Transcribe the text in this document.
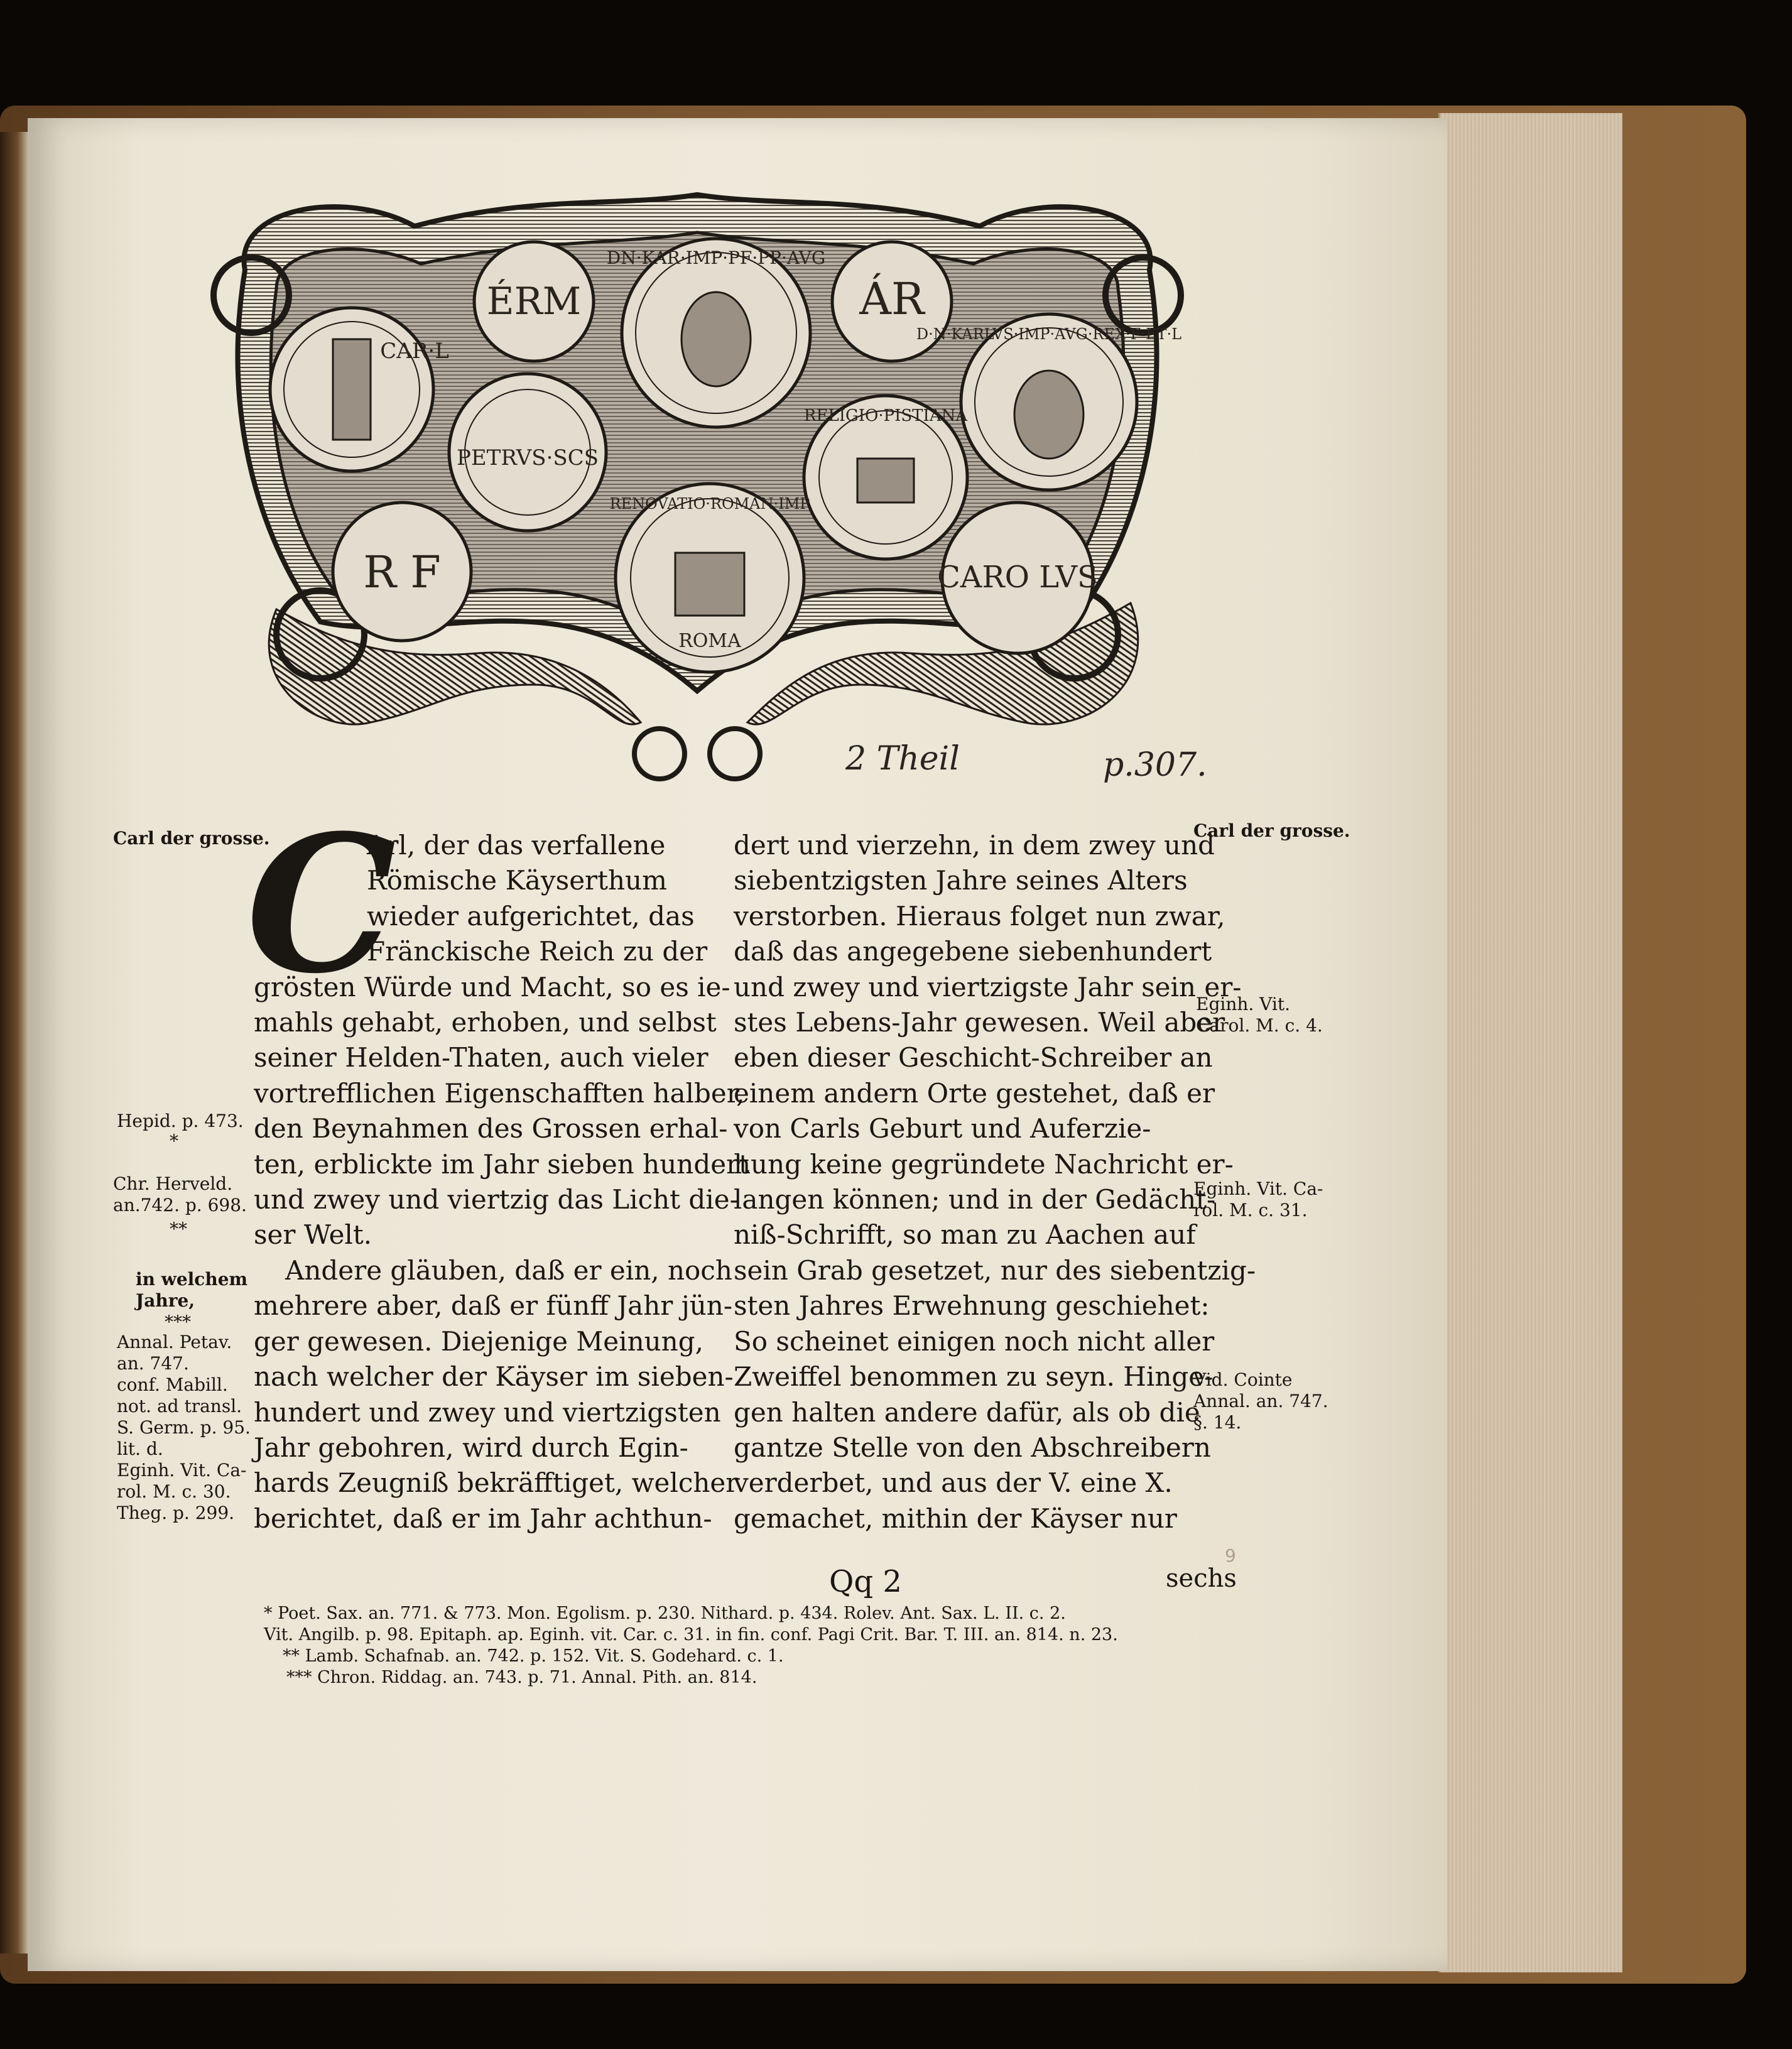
ÉRM	ÁR
DN·KAR·IMP·PF·PP·AVG
CAR·L
D·N·KARLVS·IMP·AVG·REX·F·ET·L
PETRVS·SCS
RELIGIO·PISTIANA
R F
RENOVATIO·ROMAN·IMP
ROMA
CARO LVS
2 Theil	p.307.
Carl der grosse.	Carl der grosse.
C
Arl, der das verfallene
Römische Käyserthum
wieder aufgerichtet, das
Fränckische Reich zu der
grösten Würde und Macht, so es ie-
mahls gehabt, erhoben, und selbst
seiner Helden-Thaten, auch vieler
vortrefflichen Eigenschafften halber,
den Beynahmen des Grossen erhal-
ten, erblickte im Jahr sieben hundert
und zwey und viertzig das Licht die-
ser Welt.
Andere gläuben, daß er ein, noch
mehrere aber, daß er fünff Jahr jün-
ger gewesen. Diejenige Meinung,
nach welcher der Käyser im sieben-
hundert und zwey und viertzigsten
Jahr gebohren, wird durch Egin-
hards Zeugniß bekräfftiget, welcher
berichtet, daß er im Jahr achthun-
dert und vierzehn, in dem zwey und
siebentzigsten Jahre seines Alters
verstorben. Hieraus folget nun zwar,
daß das angegebene siebenhundert
und zwey und viertzigste Jahr sein er-
stes Lebens-Jahr gewesen. Weil aber
eben dieser Geschicht-Schreiber an
einem andern Orte gestehet, daß er
von Carls Geburt und Auferzie-
hung keine gegründete Nachricht er-
langen können; und in der Gedächt-
niß-Schrifft, so man zu Aachen auf
sein Grab gesetzet, nur des siebentzig-
sten Jahres Erwehnung geschiehet:
So scheinet einigen noch nicht aller
Zweiffel benommen zu seyn. Hinge-
gen halten andere dafür, als ob die
gantze Stelle von den Abschreibern
verderbet, und aus der V. eine X.
gemachet, mithin der Käyser nur
Hepid. p. 473.
*
Chr. Herveld.
an.742. p. 698.
**
in welchem
Jahre,
***
Annal. Petav.
an. 747.
conf. Mabill.
not. ad transl.
S. Germ. p. 95.
lit. d.
Eginh. Vit. Ca-
rol. M. c. 30.
Theg. p. 299.
Eginh. Vit.
Carol. M. c. 4.
Eginh. Vit. Ca-
rol. M. c. 31.
Vid. Cointe
Annal. an. 747.
§. 14.
Qq 2	sechs
9
* Poet. Sax. an. 771. & 773. Mon. Egolism. p. 230. Nithard. p. 434. Rolev. Ant. Sax. L. II. c. 2.
Vit. Angilb. p. 98. Epitaph. ap. Eginh. vit. Car. c. 31. in fin. conf. Pagi Crit. Bar. T. III. an. 814. n. 23.
** Lamb. Schafnab. an. 742. p. 152. Vit. S. Godehard. c. 1.
*** Chron. Riddag. an. 743. p. 71. Annal. Pith. an. 814.
